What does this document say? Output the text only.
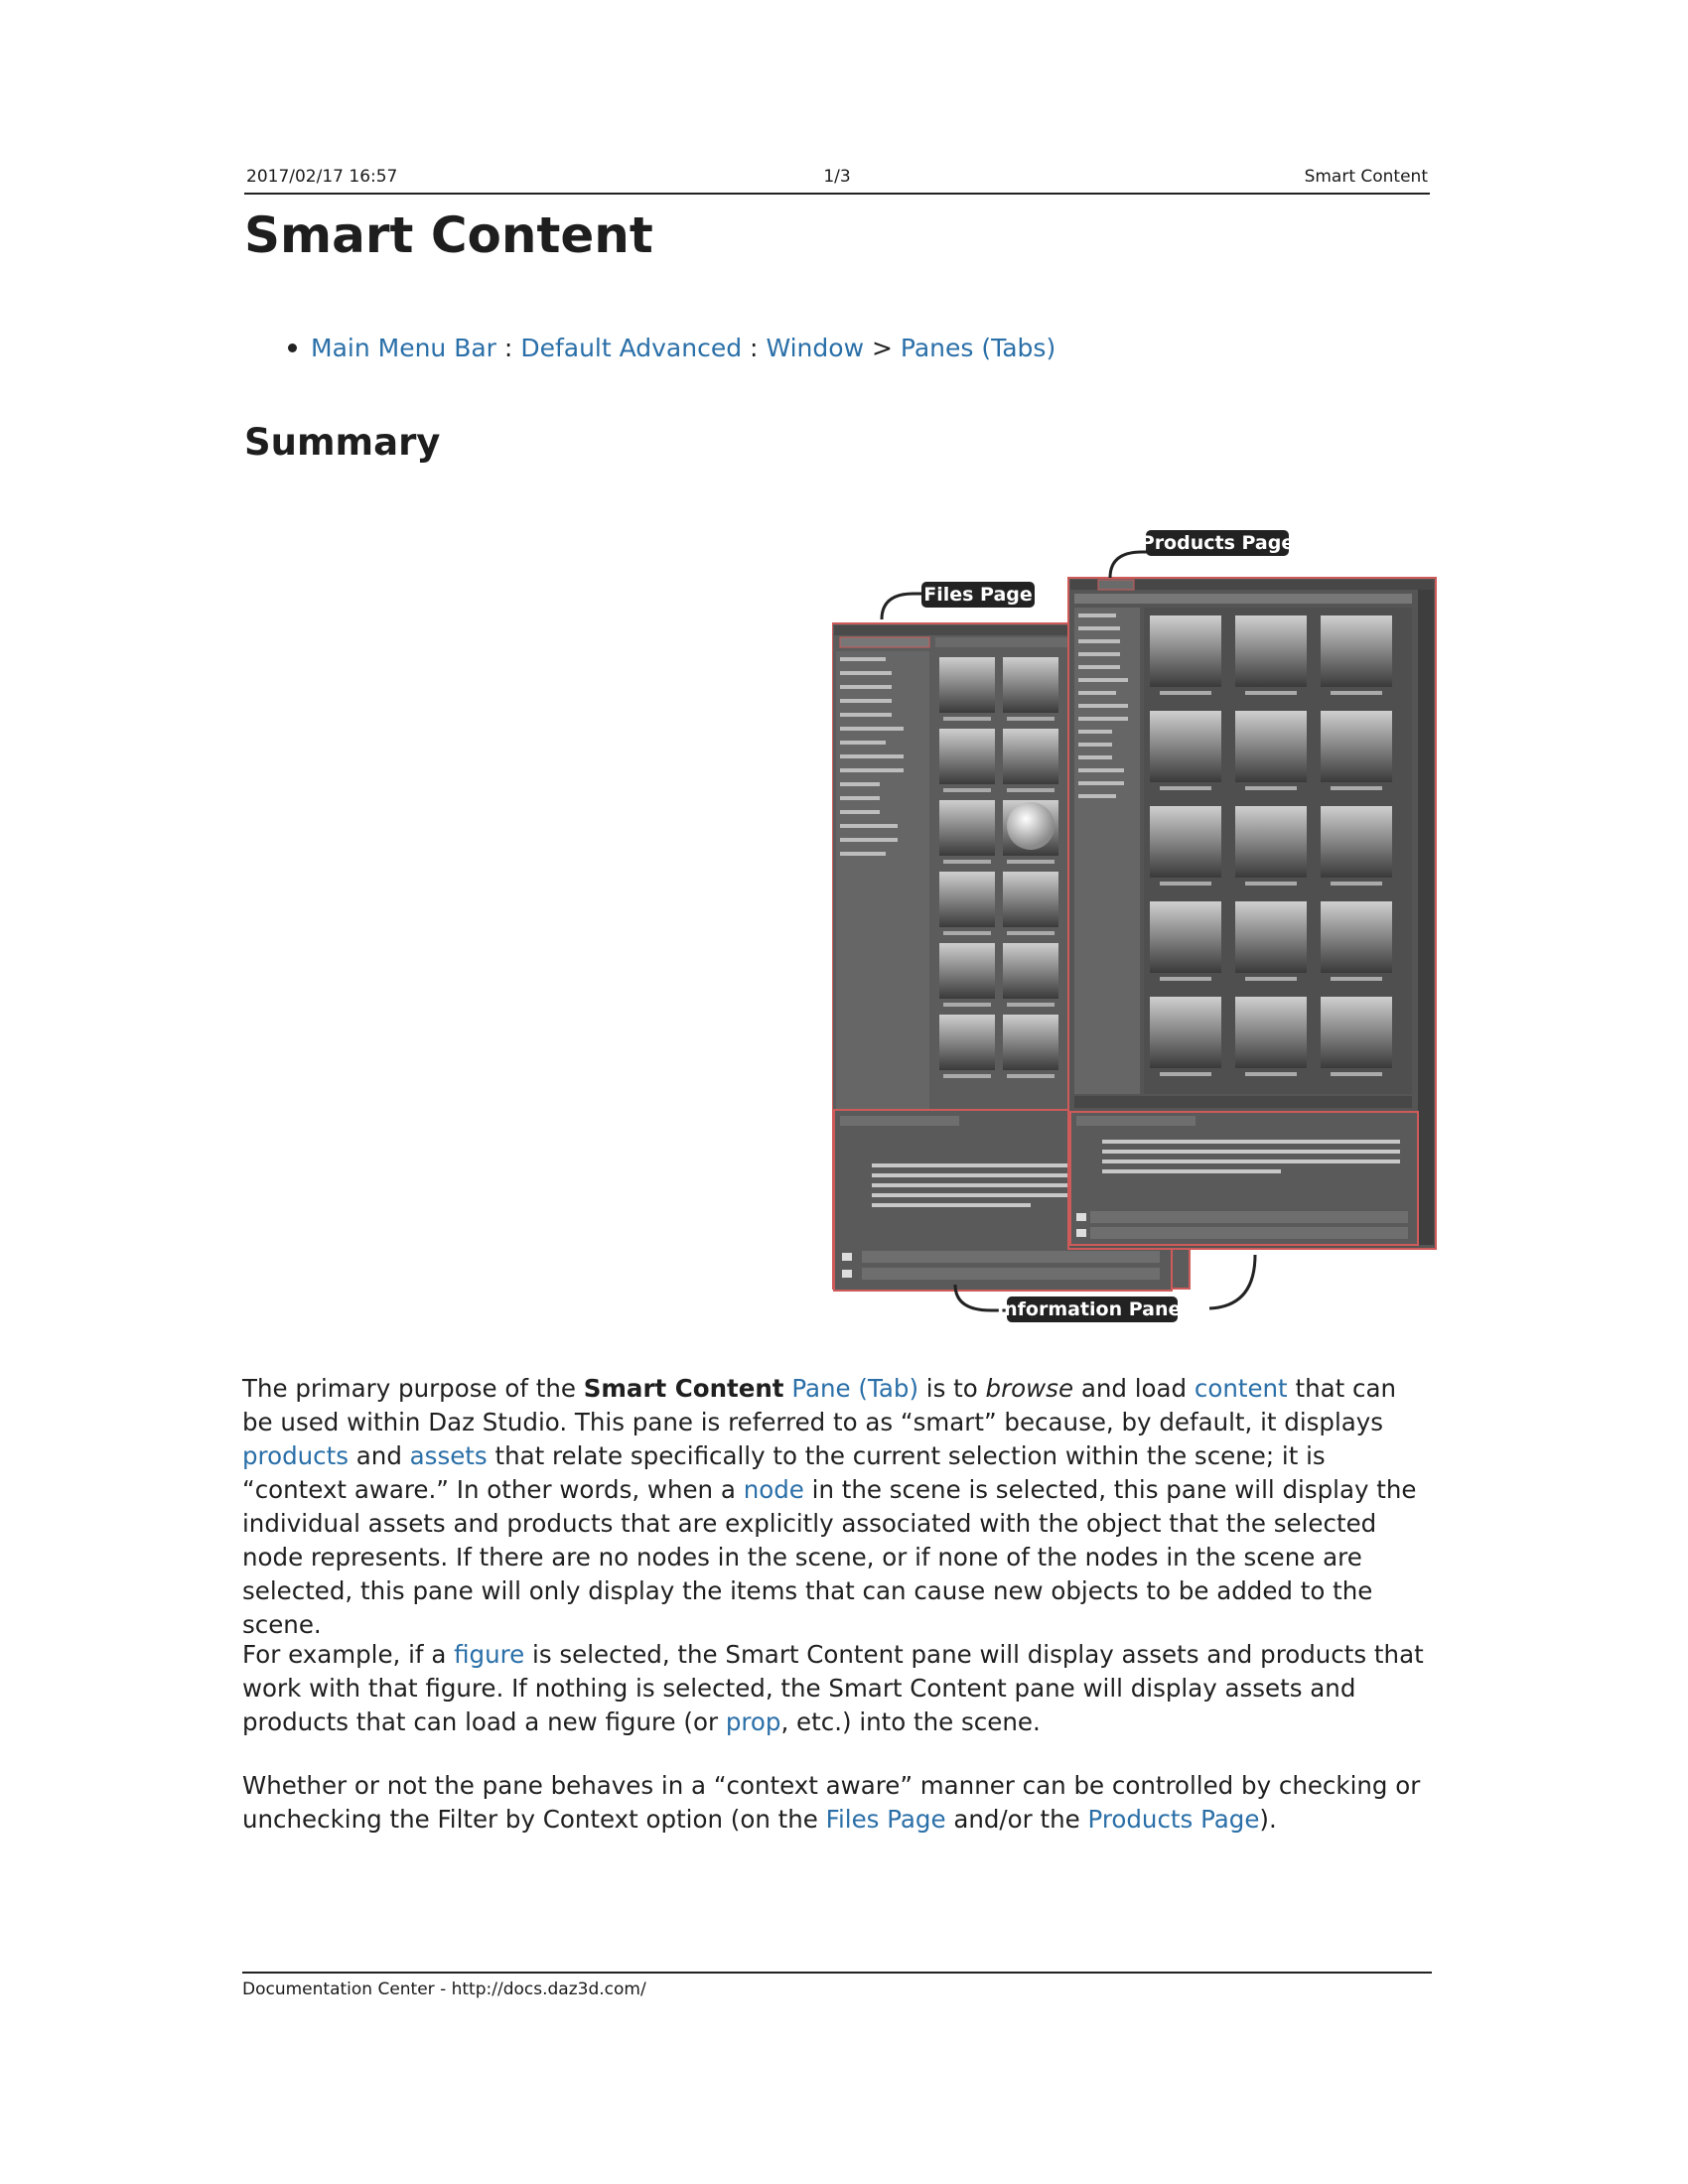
2017/02/17 16:57	1/3	Smart Content
Smart Content
Main Menu Bar : Default Advanced : Window > Panes (Tabs)
Summary
Files Page
Products Page
Information Panel

The primary purpose of the Smart Content Pane (Tab) is to browse and load content that can be used within Daz Studio. This pane is referred to as “smart” because, by default, it displays products and assets that relate specifically to the current selection within the scene; it is “context aware.” In other words, when a node in the scene is selected, this pane will display the individual assets and products that are explicitly associated with the object that the selected node represents. If there are no nodes in the scene, or if none of the nodes in the scene are selected, this pane will only display the items that can cause new objects to be added to the scene.

For example, if a figure is selected, the Smart Content pane will display assets and products that work with that figure. If nothing is selected, the Smart Content pane will display assets and products that can load a new figure (or prop, etc.) into the scene.

Whether or not the pane behaves in a “context aware” manner can be controlled by checking or unchecking the Filter by Context option (on the Files Page and/or the Products Page).

Documentation Center - http://docs.daz3d.com/
